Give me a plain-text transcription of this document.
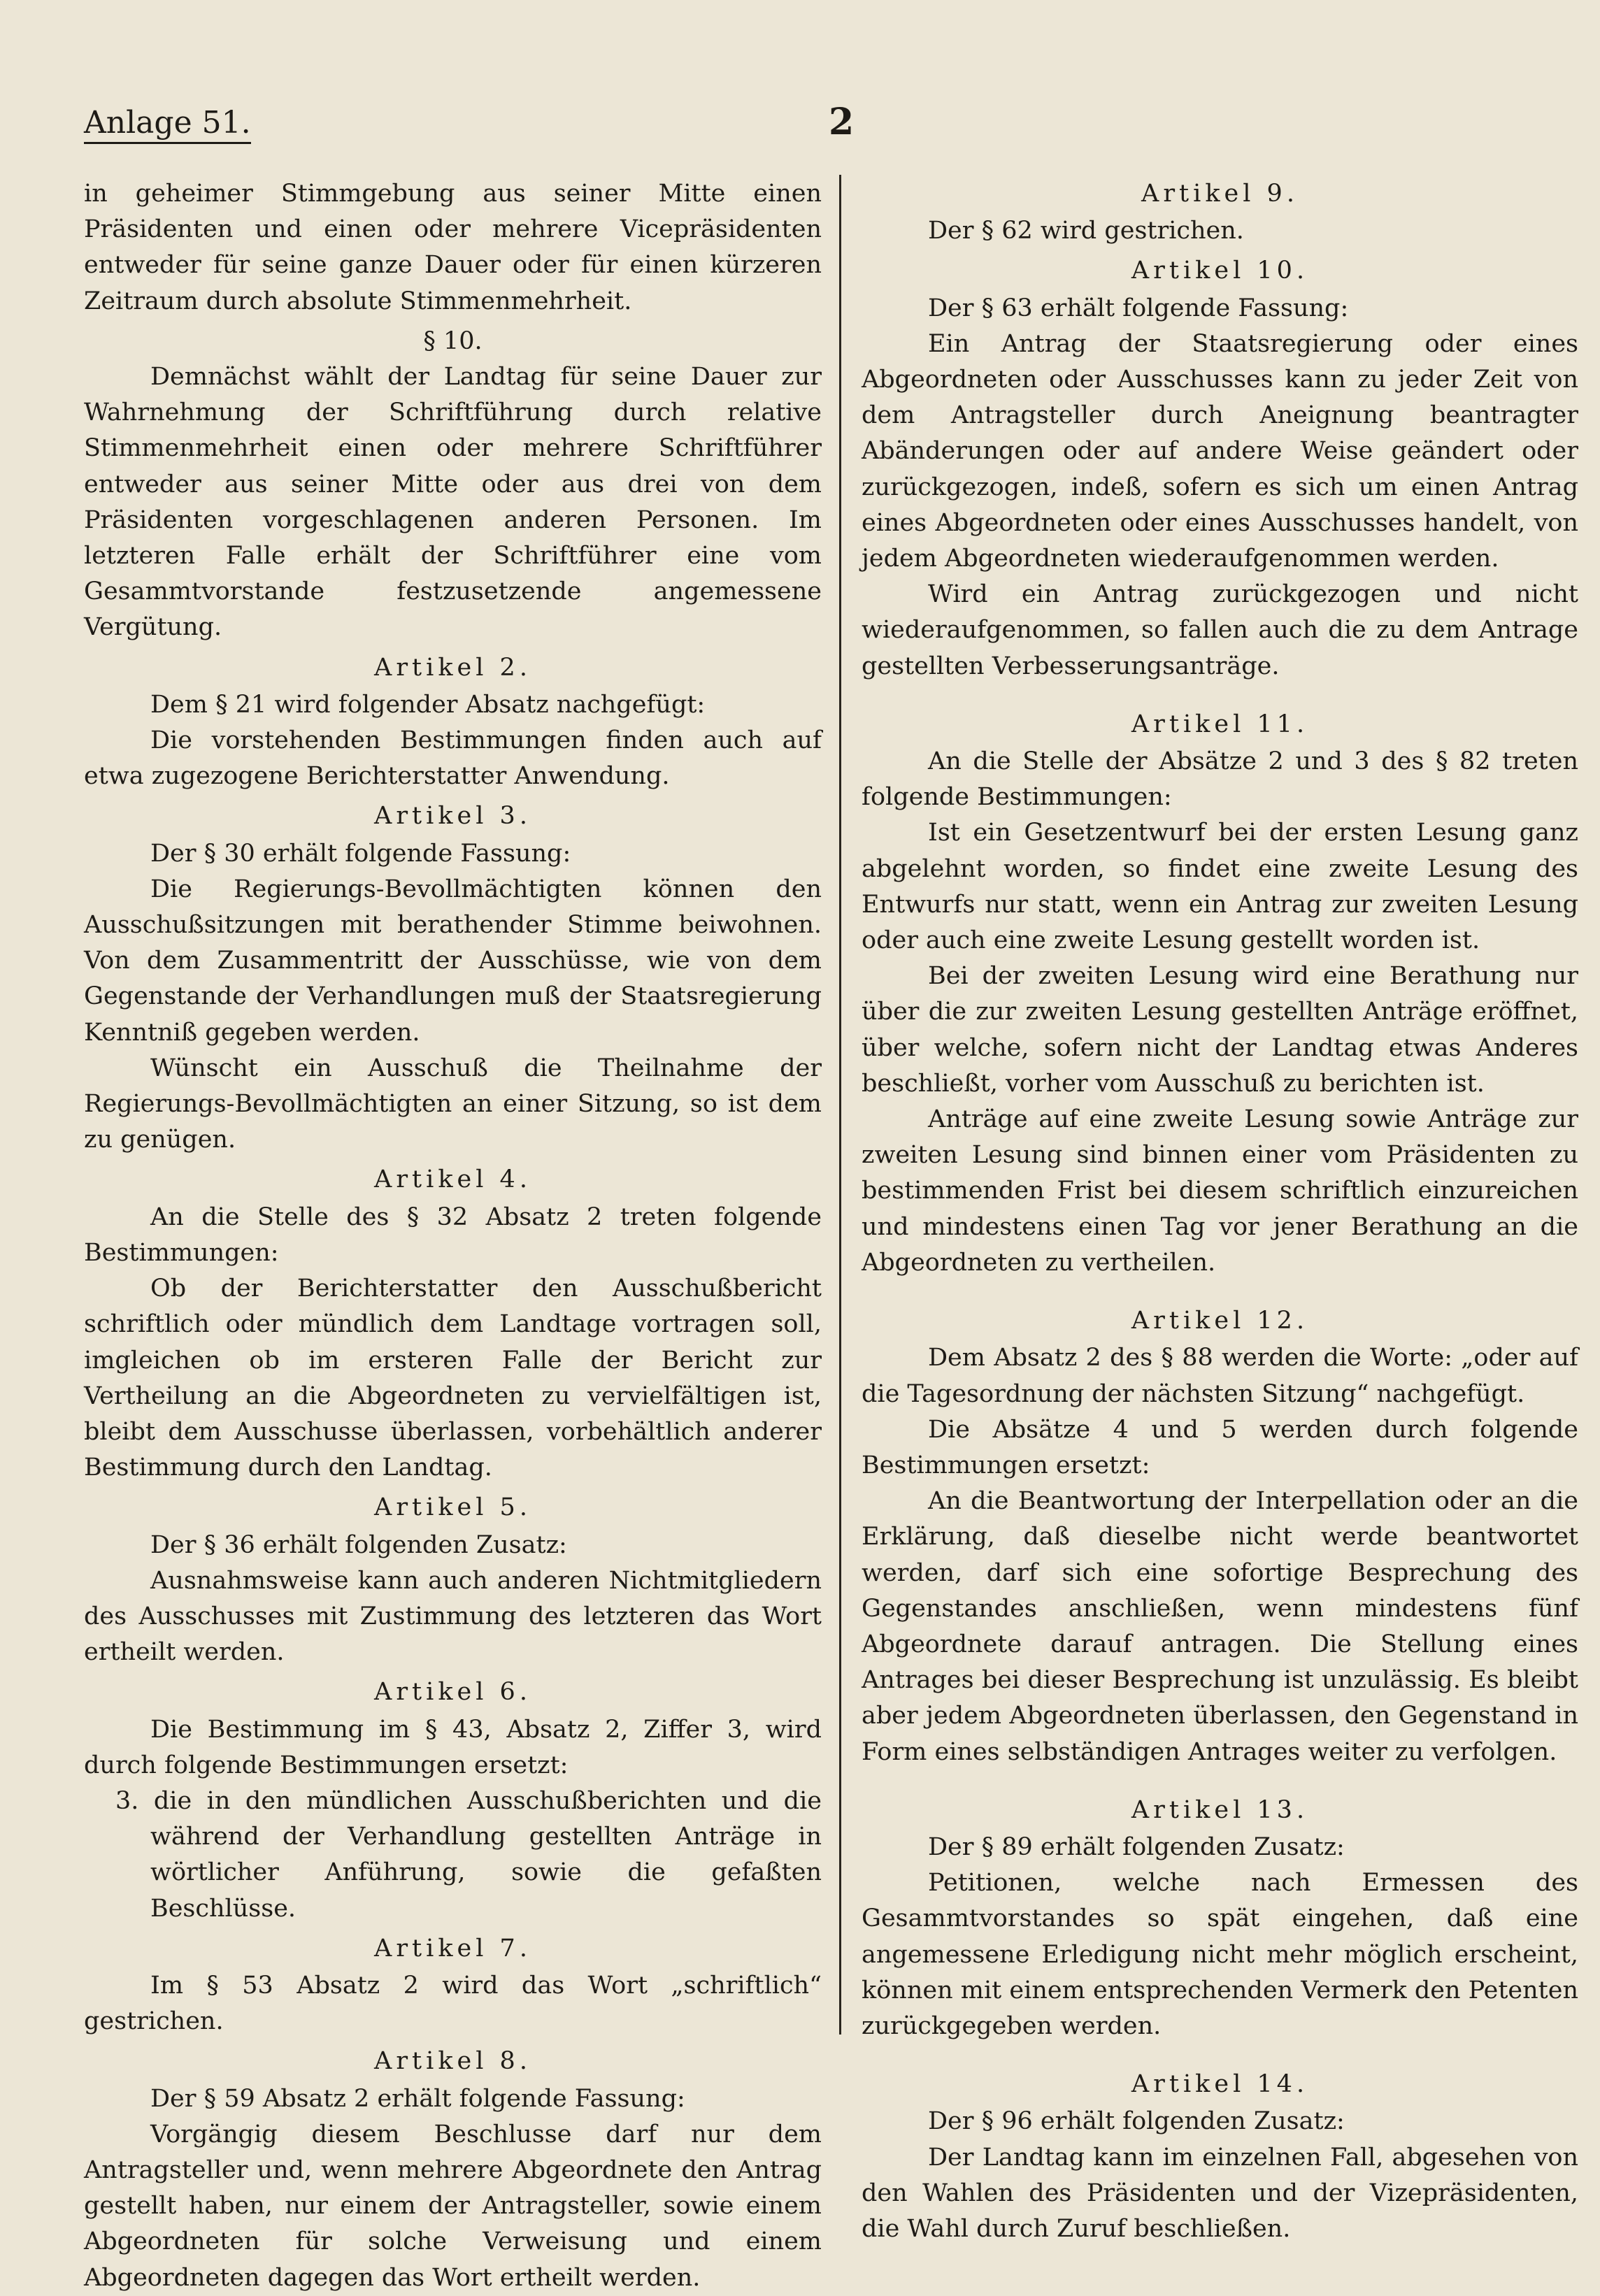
Anlage 51.	2

in geheimer Stimmgebung aus seiner Mitte einen Präsidenten und einen oder mehrere Vicepräsidenten entweder für seine ganze Dauer oder für einen kürzeren Zeitraum durch absolute Stimmenmehrheit.

§ 10.

Demnächst wählt der Landtag für seine Dauer zur Wahrnehmung der Schriftführung durch relative Stimmenmehrheit einen oder mehrere Schriftführer entweder aus seiner Mitte oder aus drei von dem Präsidenten vorgeschlagenen anderen Personen. Im letzteren Falle erhält der Schriftführer eine vom Gesammtvorstande festzusetzende angemessene Vergütung.

Artikel 2.

Dem § 21 wird folgender Absatz nachgefügt:

Die vorstehenden Bestimmungen finden auch auf etwa zugezogene Berichterstatter Anwendung.

Artikel 3.

Der § 30 erhält folgende Fassung:

Die Regierungs-Bevollmächtigten können den Ausschußsitzungen mit berathender Stimme beiwohnen. Von dem Zusammentritt der Ausschüsse, wie von dem Gegenstande der Verhandlungen muß der Staatsregierung Kenntniß gegeben werden.

Wünscht ein Ausschuß die Theilnahme der Regierungs-Bevollmächtigten an einer Sitzung, so ist dem zu genügen.

Artikel 4.

An die Stelle des § 32 Absatz 2 treten folgende Bestimmungen:

Ob der Berichterstatter den Ausschußbericht schriftlich oder mündlich dem Landtage vortragen soll, imgleichen ob im ersteren Falle der Bericht zur Vertheilung an die Abgeordneten zu vervielfältigen ist, bleibt dem Ausschusse überlassen, vorbehältlich anderer Bestimmung durch den Landtag.

Artikel 5.

Der § 36 erhält folgenden Zusatz:

Ausnahmsweise kann auch anderen Nichtmitgliedern des Ausschusses mit Zustimmung des letzteren das Wort ertheilt werden.

Artikel 6.

Die Bestimmung im § 43, Absatz 2, Ziffer 3, wird durch folgende Bestimmungen ersetzt:

3. die in den mündlichen Ausschußberichten und die während der Verhandlung gestellten Anträge in wörtlicher Anführung, sowie die gefaßten Beschlüsse.

Artikel 7.

Im § 53 Absatz 2 wird das Wort „schriftlich“ gestrichen.

Artikel 8.

Der § 59 Absatz 2 erhält folgende Fassung:

Vorgängig diesem Beschlusse darf nur dem Antragsteller und, wenn mehrere Abgeordnete den Antrag gestellt haben, nur einem der Antragsteller, sowie einem Abgeordneten für solche Verweisung und einem Abgeordneten dagegen das Wort ertheilt werden.

Artikel 9.

Der § 62 wird gestrichen.

Artikel 10.

Der § 63 erhält folgende Fassung:

Ein Antrag der Staatsregierung oder eines Abgeordneten oder Ausschusses kann zu jeder Zeit von dem Antragsteller durch Aneignung beantragter Abänderungen oder auf andere Weise geändert oder zurückgezogen, indeß, sofern es sich um einen Antrag eines Abgeordneten oder eines Ausschusses handelt, von jedem Abgeordneten wiederaufgenommen werden.

Wird ein Antrag zurückgezogen und nicht wiederaufgenommen, so fallen auch die zu dem Antrage gestellten Verbesserungsanträge.

Artikel 11.

An die Stelle der Absätze 2 und 3 des § 82 treten folgende Bestimmungen:

Ist ein Gesetzentwurf bei der ersten Lesung ganz abgelehnt worden, so findet eine zweite Lesung des Entwurfs nur statt, wenn ein Antrag zur zweiten Lesung oder auch eine zweite Lesung gestellt worden ist.

Bei der zweiten Lesung wird eine Berathung nur über die zur zweiten Lesung gestellten Anträge eröffnet, über welche, sofern nicht der Landtag etwas Anderes beschließt, vorher vom Ausschuß zu berichten ist.

Anträge auf eine zweite Lesung sowie Anträge zur zweiten Lesung sind binnen einer vom Präsidenten zu bestimmenden Frist bei diesem schriftlich einzureichen und mindestens einen Tag vor jener Berathung an die Abgeordneten zu vertheilen.

Artikel 12.

Dem Absatz 2 des § 88 werden die Worte: „oder auf die Tagesordnung der nächsten Sitzung“ nachgefügt.

Die Absätze 4 und 5 werden durch folgende Bestimmungen ersetzt:

An die Beantwortung der Interpellation oder an die Erklärung, daß dieselbe nicht werde beantwortet werden, darf sich eine sofortige Besprechung des Gegenstandes anschließen, wenn mindestens fünf Abgeordnete darauf antragen. Die Stellung eines Antrages bei dieser Besprechung ist unzulässig. Es bleibt aber jedem Abgeordneten überlassen, den Gegenstand in Form eines selbständigen Antrages weiter zu verfolgen.

Artikel 13.

Der § 89 erhält folgenden Zusatz:

Petitionen, welche nach Ermessen des Gesammtvorstandes so spät eingehen, daß eine angemessene Erledigung nicht mehr möglich erscheint, können mit einem entsprechenden Vermerk den Petenten zurückgegeben werden.

Artikel 14.

Der § 96 erhält folgenden Zusatz:

Der Landtag kann im einzelnen Fall, abgesehen von den Wahlen des Präsidenten und der Vizepräsidenten, die Wahl durch Zuruf beschließen.
